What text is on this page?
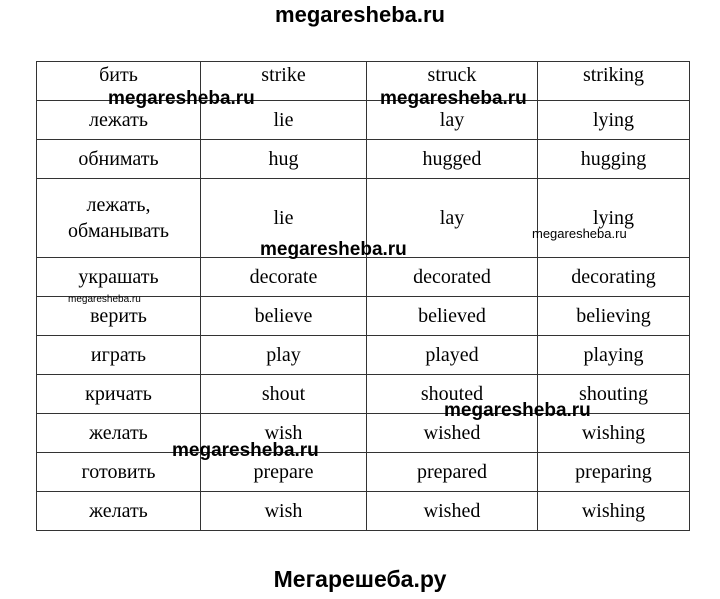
megaresheba.ru
бить	strike	struck	striking
лежать	lie	lay	lying
обнимать	hug	hugged	hugging
лежать,
обманывать	lie	lay	lying
украшать	decorate	decorated	decorating
верить	believe	believed	believing
играть	play	played	playing
кричать	shout	shouted	shouting
желать	wish	wished	wishing
готовить	prepare	prepared	preparing
желать	wish	wished	wishing
megaresheba.ru	megaresheba.ru
megaresheba.ru
megaresheba.ru
megaresheba.ru
megaresheba.ru
megaresheba.ru
Мегарешеба.ру
